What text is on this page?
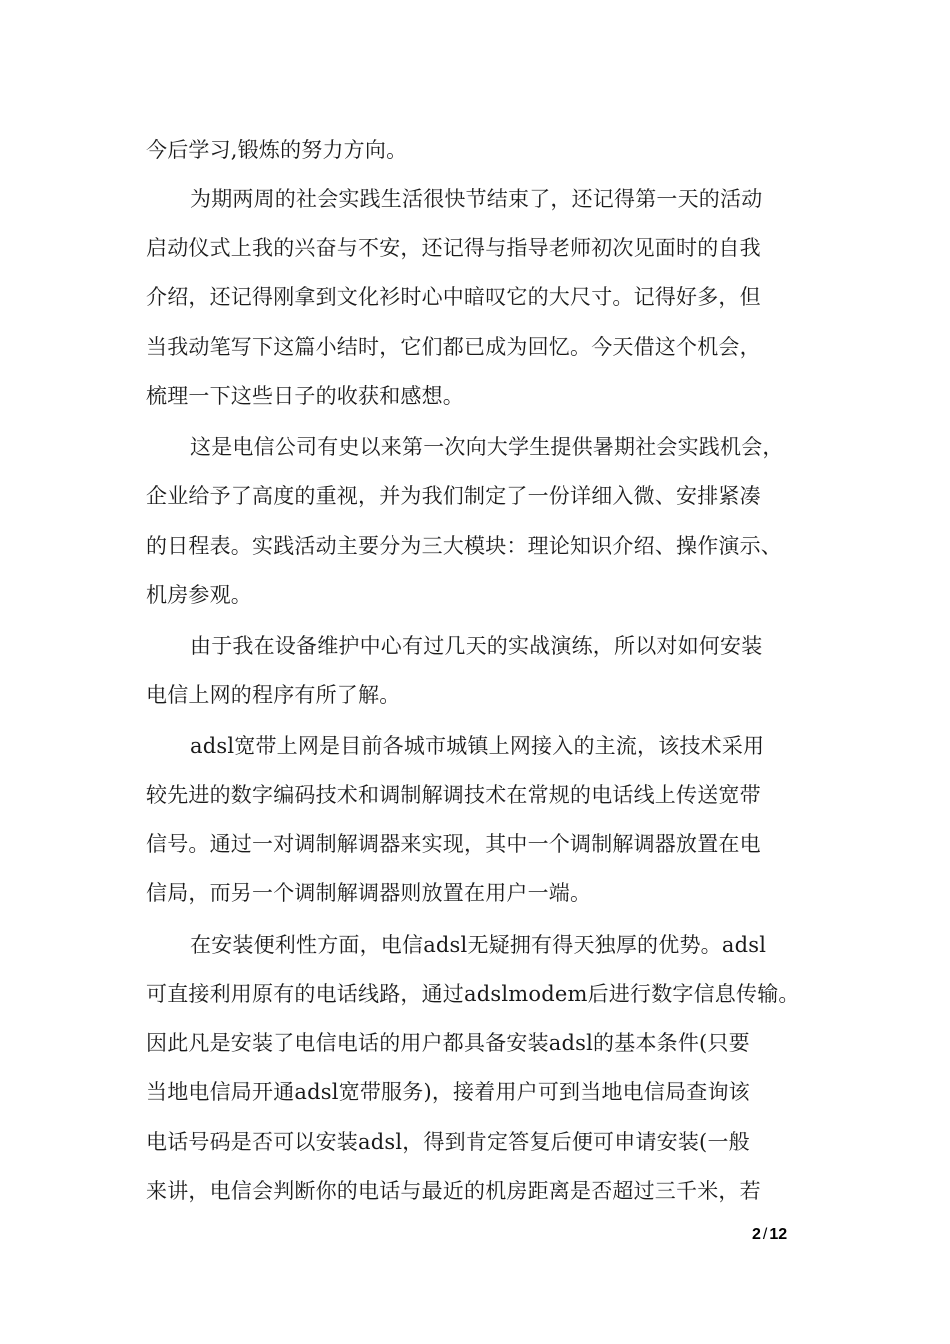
今后学习,锻炼的努力方向。
为期两周的社会实践生活很快节结束了，还记得第一天的活动
启动仪式上我的兴奋与不安，还记得与指导老师初次见面时的自我
介绍，还记得刚拿到文化衫时心中暗叹它的大尺寸。记得好多，但
当我动笔写下这篇小结时，它们都已成为回忆。今天借这个机会，
梳理一下这些日子的收获和感想。
这是电信公司有史以来第一次向大学生提供暑期社会实践机会，
企业给予了高度的重视，并为我们制定了一份详细入微、安排紧凑
的日程表。实践活动主要分为三大模块：理论知识介绍、操作演示、
机房参观。
由于我在设备维护中心有过几天的实战演练，所以对如何安装
电信上网的程序有所了解。
adsl宽带上网是目前各城市城镇上网接入的主流，该技术采用
较先进的数字编码技术和调制解调技术在常规的电话线上传送宽带
信号。通过一对调制解调器来实现，其中一个调制解调器放置在电
信局，而另一个调制解调器则放置在用户一端。
在安装便利性方面，电信adsl无疑拥有得天独厚的优势。adsl
可直接利用原有的电话线路，通过adslmodem后进行数字信息传输。
因此凡是安装了电信电话的用户都具备安装adsl的基本条件(只要
当地电信局开通adsl宽带服务)，接着用户可到当地电信局查询该
电话号码是否可以安装adsl，得到肯定答复后便可申请安装(一般
来讲，电信会判断你的电话与最近的机房距离是否超过三千米，若
2 / 12
